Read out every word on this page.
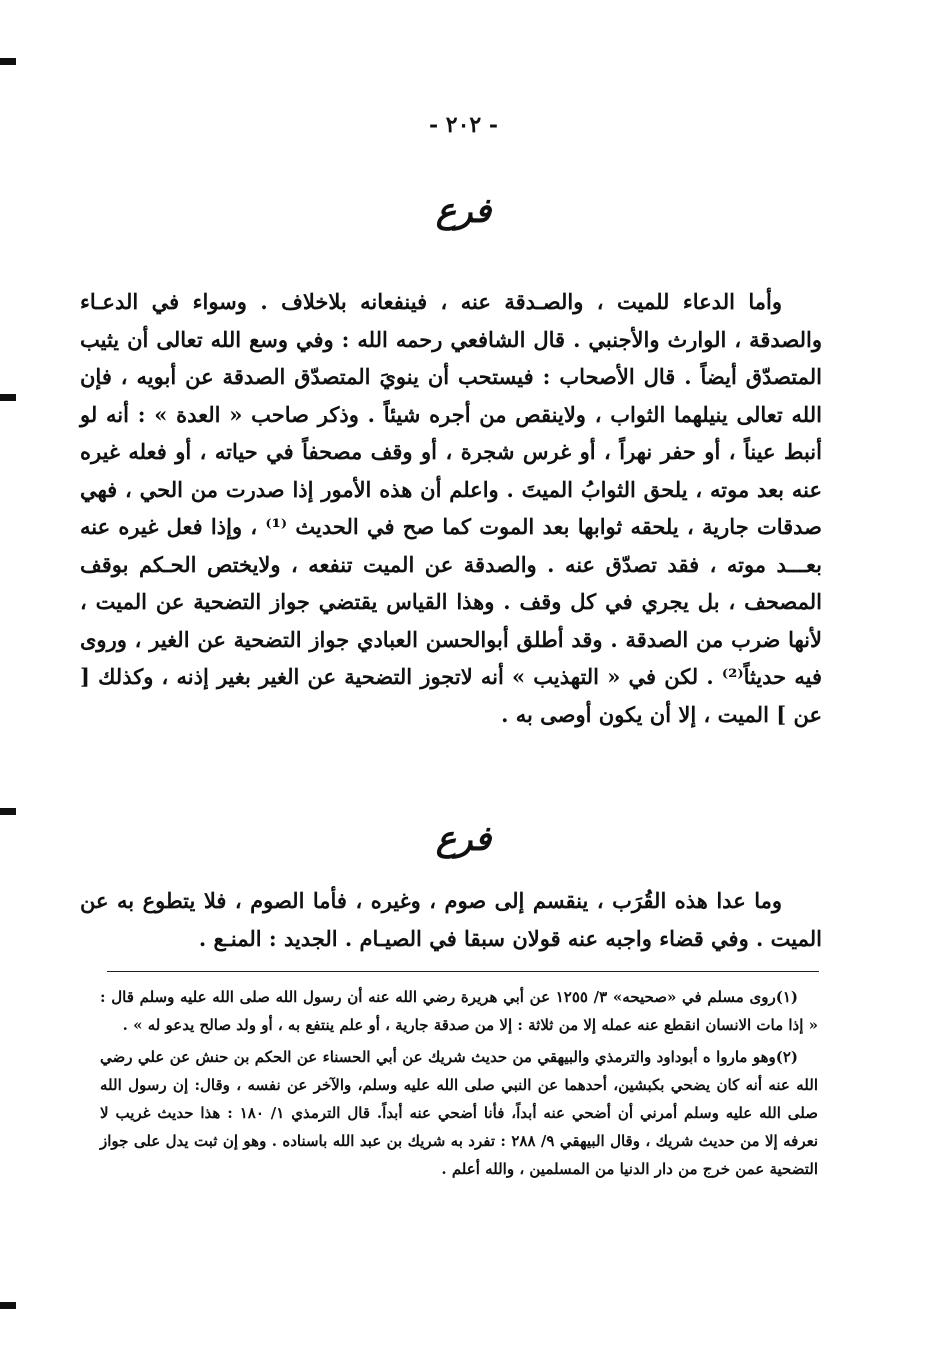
- ٢٠٢ -
فرع

وأما الدعاء للميت ، والصـدقة عنه ، فينفعانه بلاخلاف . وسواء في الدعـاء والصدقة ، الوارث والأجنبي . قال الشافعي رحمه الله : وفي وسع الله تعالى أن يثيب المتصدّق أيضاً . قال الأصحاب : فيستحب أن ينويَ المتصدّق الصدقة عن أبويه ، فإن الله تعالى ينيلهما الثواب ، ولاينقص من أجره شيئاً . وذكر صاحب « العدة » : أنه لو أنبط عيناً ، أو حفر نهراً ، أو غرس شجرة ، أو وقف مصحفاً في حياته ، أو فعله غيره عنه بعد موته ، يلحق الثوابُ الميتَ . واعلم أن هذه الأمور إذا صدرت من الحي ، فهي صدقات جارية ، يلحقه ثوابها بعد الموت كما صح في الحديث ⁽¹⁾ ، وإذا فعل غيره عنه بعـــد موته ، فقد تصدّق عنه . والصدقة عن الميت تنفعه ، ولايختص الحـكم بوقف المصحف ، بل يجري في كل وقف . وهذا القياس يقتضي جواز التضحية عن الميت ، لأنها ضرب من الصدقة . وقد أطلق أبوالحسن العبادي جواز التضحية عن الغير ، وروى فيه حديثاً⁽²⁾ . لكن في « التهذيب » أنه لاتجوز التضحية عن الغير بغير إذنه ، وكذلك [ عن ] الميت ، إلا أن يكون أوصى به .

فرع

وما عدا هذه القُرَب ، ينقسم إلى صوم ، وغيره ، فأما الصوم ، فلا يتطوع به عن الميت . وفي قضاء واجبه عنه قولان سبقا في الصيـام . الجديد : المنـع .

(١)روى مسلم في «صحيحه» ٣/ ١٢٥٥ عن أبي هريرة رضي الله عنه أن رسول الله صلى الله عليه وسلم قال : « إذا مات الانسان انقطع عنه عمله إلا من ثلاثة : إلا من صدقة جارية ، أو علم ينتفع به ، أو ولد صالح يدعو له » .

(٢)وهو ماروا ه أبوداود والترمذي والبيهقي من حديث شريك عن أبي الحسناء عن الحكم بن حنش عن علي رضي الله عنه أنه كان يضحي بكبشين، أحدهما عن النبي صلى الله عليه وسلم، والآخر عن نفسه ، وقال: إن رسول الله صلى الله عليه وسلم أمرني أن أضحي عنه أبداً، فأنا أضحي عنه أبداً. قال الترمذي ١/ ١٨٠ : هذا حديث غريب لا نعرفه إلا من حديث شريك ، وقال البيهقي ٩/ ٢٨٨ : تفرد به شريك بن عبد الله باسناده . وهو إن ثبت يدل على جواز التضحية عمن خرج من دار الدنيا من المسلمين ، والله أعلم .
